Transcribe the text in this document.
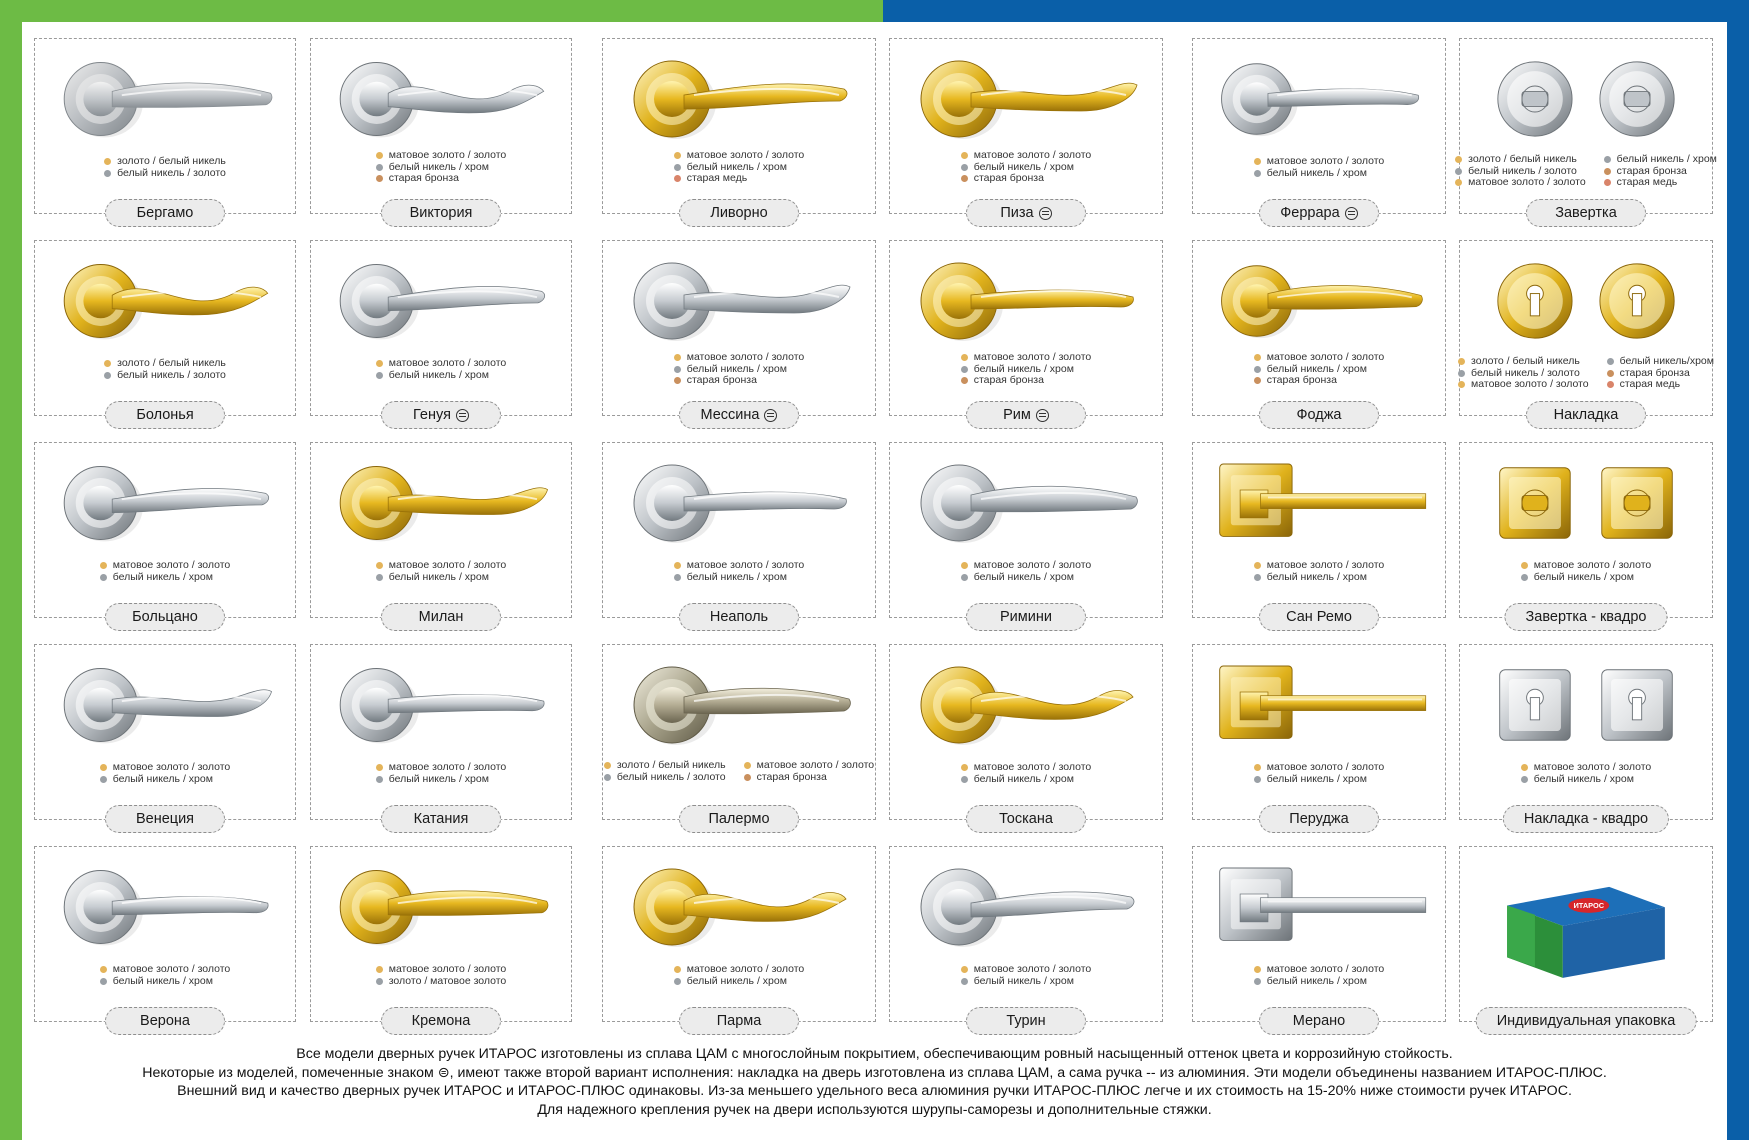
золото / белый никель
белый никель / золото
Бергамо
матовое золото / золото
белый никель / хром
старая бронза
Виктория
матовое золото / золото
белый никель / хром
старая медь
Ливорно
матовое золото / золото
белый никель / хром
старая бронза
Пиза
матовое золото / золото
белый никель / хром
Феррара
золото / белый никель
белый никель / золото
матовое золото / золото
белый никель / хром
старая бронза
старая медь
Завертка
золото / белый никель
белый никель / золото
Болонья
матовое золото / золото
белый никель / хром
Генуя
матовое золото / золото
белый никель / хром
старая бронза
Мессина
матовое золото / золото
белый никель / хром
старая бронза
Рим
матовое золото / золото
белый никель / хром
старая бронза
Фоджа
золото / белый никель
белый никель / золото
матовое золото / золото
белый никель/хром
старая бронза
старая медь
Накладка
матовое золото / золото
белый никель / хром
Больцано
матовое золото / золото
белый никель / хром
Милан
матовое золото / золото
белый никель / хром
Неаполь
матовое золото / золото
белый никель / хром
Римини
матовое золото / золото
белый никель / хром
Сан Ремо
матовое золото / золото
белый никель / хром
Завертка - квадро
матовое золото / золото
белый никель / хром
Венеция
матовое золото / золото
белый никель / хром
Катания
золото / белый никель
белый никель / золото
матовое золото / золото
старая бронза
Палермо
матовое золото / золото
белый никель / хром
Тоскана
матовое золото / золото
белый никель / хром
Перуджа
матовое золото / золото
белый никель / хром
Накладка - квадро
матовое золото / золото
белый никель / хром
Верона
матовое золото / золото
золото / матовое золото
Кремона
матовое золото / золото
белый никель / хром
Парма
матовое золото / золото
белый никель / хром
Турин
матовое золото / золото
белый никель / хром
Мерано
ИТАРОС
Индивидуальная упаковка

Все модели дверных ручек ИТАРОС изготовлены из сплава ЦАМ с многослойным покрытием, обеспечивающим ровный насыщенный оттенок цвета и коррозийную стойкость.

Некоторые из моделей, помеченные знаком ⊜, имеют также второй вариант исполнения: накладка на дверь изготовлена из сплава ЦАМ, а сама ручка -- из алюминия. Эти модели объединены названием ИТАРОС-ПЛЮС.

Внешний вид и качество дверных ручек ИТАРОС и ИТАРОС-ПЛЮС одинаковы. Из-за меньшего удельного веса алюминия ручки ИТАРОС-ПЛЮС легче и их стоимость на 15-20% ниже стоимости ручек ИТАРОС.

Для надежного крепления ручек на двери используются шурупы-саморезы и дополнительные стяжки.
